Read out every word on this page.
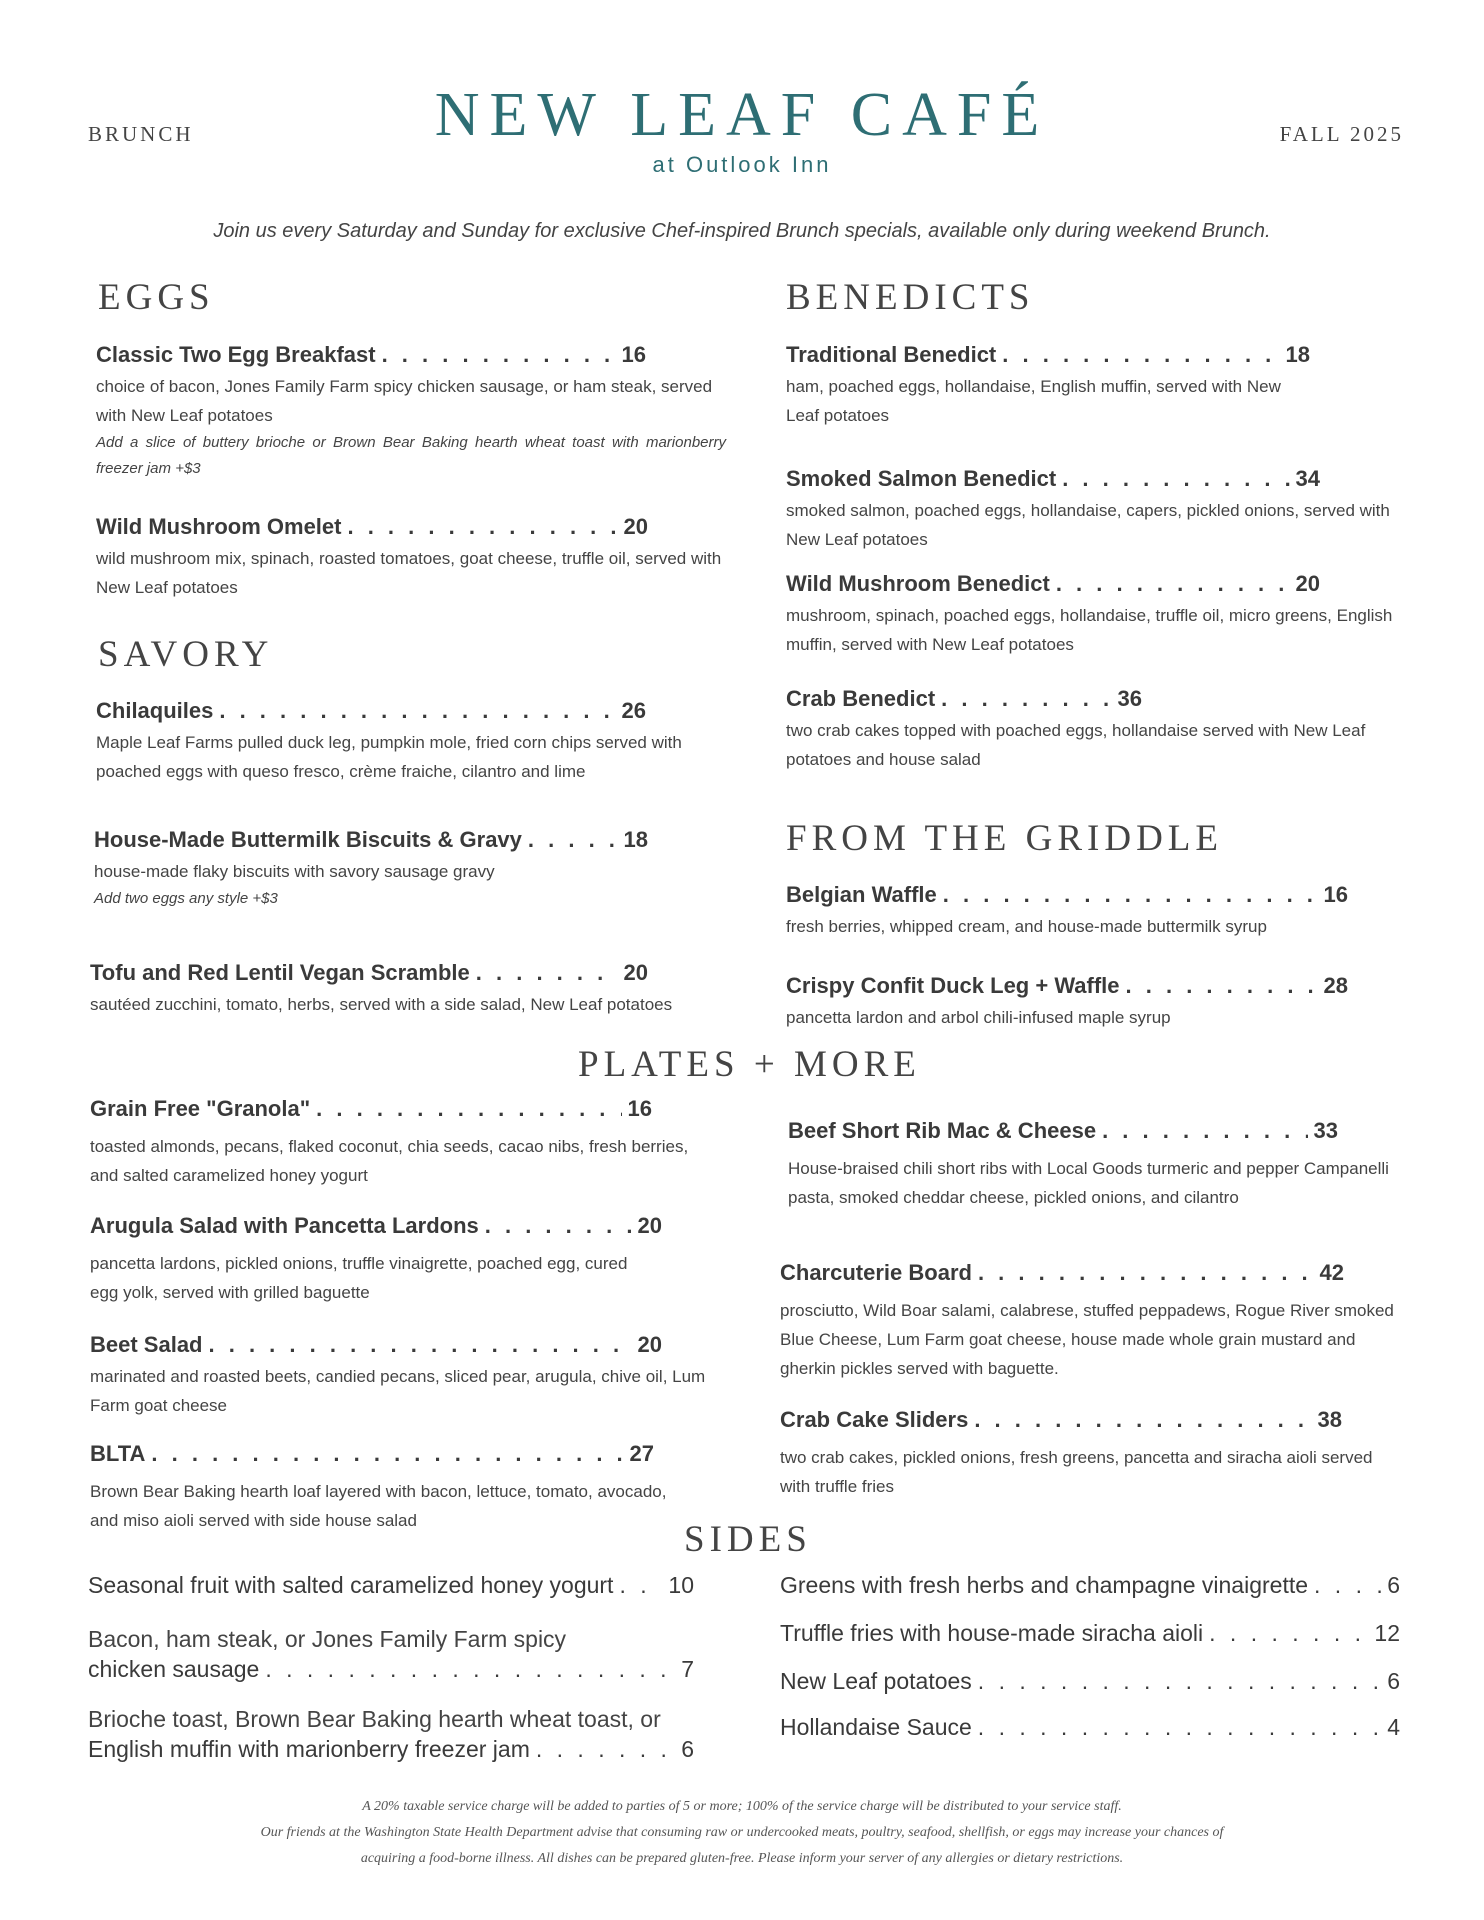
BRUNCH	NEW LEAF CAFÉ
at Outlook Inn
FALL 2025
Join us every Saturday and Sunday for exclusive Chef-inspired Brunch specials, available only during weekend Brunch.
EGGS
Classic Two Egg Breakfast . . .	16
choice of bacon, Jones Family Farm spicy chicken sausage, or ham steak, served with New Leaf potatoes
Add a slice of buttery brioche or Brown Bear Baking hearth wheat toast with marionberry freezer jam +$3
Wild Mushroom Omelet . . .	20
wild mushroom mix, spinach, roasted tomatoes, goat cheese, truffle oil, served with New Leaf potatoes
SAVORY
Chilaquiles . . .	26
Maple Leaf Farms pulled duck leg, pumpkin mole, fried corn chips served with poached eggs with queso fresco, crème fraiche, cilantro and lime
House-Made Buttermilk Biscuits & Gravy . . .	18
house-made flaky biscuits with savory sausage gravy
Add two eggs any style +$3
Tofu and Red Lentil Vegan Scramble . . .	20
sautéed zucchini, tomato, herbs, served with a side salad, New Leaf potatoes
BENEDICTS
Traditional Benedict . . .	18
ham, poached eggs, hollandaise, English muffin, served with New Leaf potatoes
Smoked Salmon Benedict . . .	34
smoked salmon, poached eggs, hollandaise, capers, pickled onions, served with New Leaf potatoes
Wild Mushroom Benedict . . .	20
mushroom, spinach, poached eggs, hollandaise, truffle oil, micro greens, English muffin, served with New Leaf potatoes
Crab Benedict . . .	36
two crab cakes topped with poached eggs, hollandaise served with New Leaf potatoes and house salad
FROM THE GRIDDLE
Belgian Waffle . . .	16
fresh berries, whipped cream, and house-made buttermilk syrup
Crispy Confit Duck Leg + Waffle . . .	28
pancetta lardon and arbol chili-infused maple syrup
PLATES + MORE
Grain Free "Granola" . . .	16
toasted almonds, pecans, flaked coconut, chia seeds, cacao nibs, fresh berries, and salted caramelized honey yogurt
Arugula Salad with Pancetta Lardons . . .	20
pancetta lardons, pickled onions, truffle vinaigrette, poached egg, cured egg yolk, served with grilled baguette
Beet Salad . . .	20
marinated and roasted beets, candied pecans, sliced pear, arugula, chive oil, Lum Farm goat cheese
BLTA . . .	27
Brown Bear Baking hearth loaf layered with bacon, lettuce, tomato, avocado, and miso aioli served with side house salad
Beef Short Rib Mac & Cheese . . .	33
House-braised chili short ribs with Local Goods turmeric and pepper Campanelli pasta, smoked cheddar cheese, pickled onions, and cilantro
Charcuterie Board . . .	42
prosciutto, Wild Boar salami, calabrese, stuffed peppadews, Rogue River smoked Blue Cheese, Lum Farm goat cheese, house made whole grain mustard and gherkin pickles served with baguette.
Crab Cake Sliders . . .	38
two crab cakes, pickled onions, fresh greens, pancetta and siracha aioli served with truffle fries
SIDES
Seasonal fruit with salted caramelized honey yogurt . . . 10
Bacon, ham steak, or Jones Family Farm spicy
chicken sausage . . .	7
Brioche toast, Brown Bear Baking hearth wheat toast, or
English muffin with marionberry freezer jam . . .	6
Greens with fresh herbs and champagne vinaigrette . . .	6
Truffle fries with house-made siracha aioli . . .	12
New Leaf potatoes . . .	6
Hollandaise Sauce . . .	4
A 20% taxable service charge will be added to parties of 5 or more; 100% of the service charge will be distributed to your service staff.
Our friends at the Washington State Health Department advise that consuming raw or undercooked meats, poultry, seafood, shellfish, or eggs may increase your chances of
acquiring a food-borne illness. All dishes can be prepared gluten-free. Please inform your server of any allergies or dietary restrictions.
